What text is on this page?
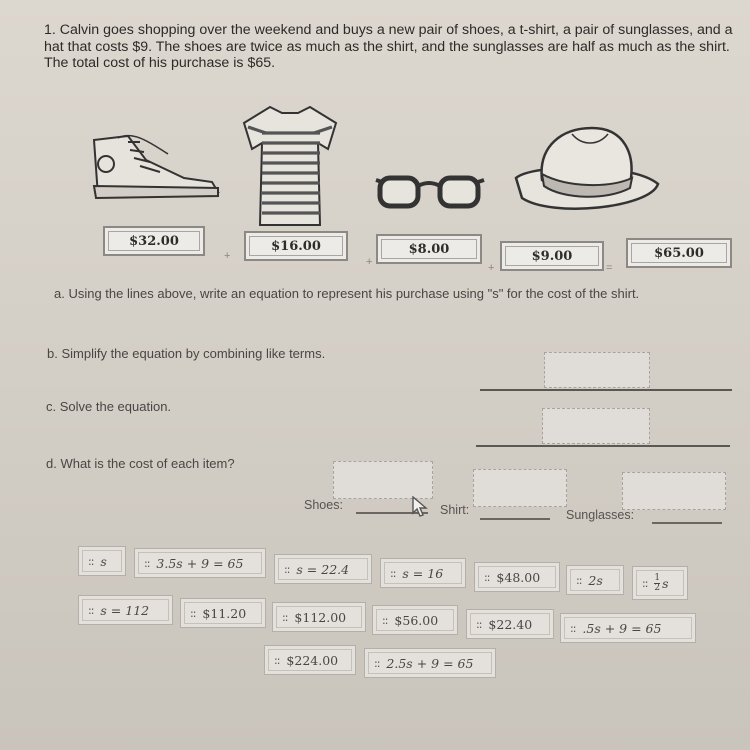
1. Calvin goes shopping over the weekend and buys a new pair of shoes, a t-shirt, a pair of sunglasses, and a hat that costs $9. The shoes are twice as much as the shirt, and the sunglasses are half as much as the shirt. The total cost of his purchase is $65.

$32.00
+
$16.00
+
$8.00
+
$9.00
=
$65.00

a. Using the lines above, write an equation to represent his purchase using "s" for the cost of the shirt.

b. Simplify the equation by combining like terms.

c. Solve the equation.

d. What is the cost of each item?

Shoes:	Shirt:	Sunglasses:
:: s	:: 3.5s + 9 = 65	:: s = 22.4	:: s = 16	:: $48.00	:: 2s	:: $\frac{1}{2}$ s
:: s = 112	:: $11.20	:: $112.00	:: $56.00	:: $22.40	:: .5s + 9 = 65
:: $224.00	:: 2.5s + 9 = 65
